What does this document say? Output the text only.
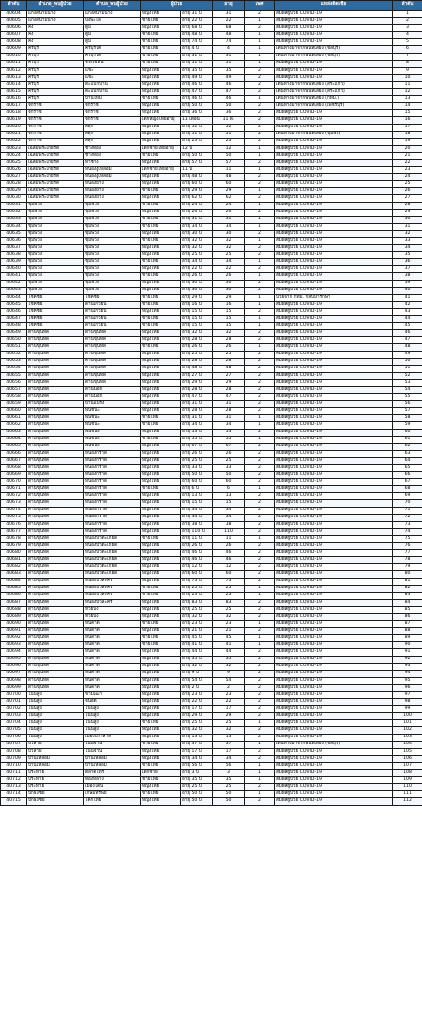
ลำดับ	อำเภอ_พบผู้ป่วย	ตำบล_พบผู้ป่วย	ผู้ป่วย		อายุ	เพศ	แหล่งติดเชื้อ	ลำดับ
40604	แก้งสนามนาง	แก้งสนามนาง	หญิงไทย	อายุ 31 ปี	31	2	สัมผัสผู้ป่วย COVID-19	1
40605	แก้งสนามนาง	บึงพะไล	ชายไทย	อายุ 22 ปี	22	1	สัมผัสผู้ป่วย COVID-19	2
40606	คง	ตูม	หญิงไทย	อายุ 68 ปี	68	2	สัมผัสผู้ป่วย COVID-19	3
40607	คง	ตูม	ชายไทย	อายุ 48 ปี	48	1	สัมผัสผู้ป่วย COVID-19	4
40608	คง	ตูม	ชายไทย	อายุ 74 ปี	74	1	สัมผัสผู้ป่วย COVID-19	5
40609	ครบุรี	ครบุรีใต้	ชายไทย	อายุ 4 ปี	4	1	เดินทางมาจากพื้นที่เสี่ยง (ชลบุรี)	6
40610	ครบุรี	ครบุรีใต้	ชายไทย	อายุ 31 ปี	31	1	เดินทางมาจากพื้นที่เสี่ยง (ชลบุรี)	7
40611	ครบุรี	จระเข้หิน	ชายไทย	อายุ 51 ปี	51	1	สัมผัสผู้ป่วย COVID-19	8
40612	ครบุรี	แชะ	หญิงไทย	อายุ 35 ปี	35	2	สัมผัสผู้ป่วย COVID-19	9
40613	ครบุรี	แชะ	หญิงไทย	อายุ 49 ปี	49	2	สัมผัสผู้ป่วย COVID-19	10
40614	ครบุรี	ตะแบกบาน	หญิงไทย	อายุ 46 ปี	46	2	เดินทางมาจากพื้นที่เสี่ยง (สระแก้ว)	11
40615	ครบุรี	ตะแบกบาน	หญิงไทย	อายุ 47 ปี	47	2	เดินทางมาจากพื้นที่เสี่ยง (สระแก้ว)	12
40616	ครบุรี	บ้านใหม่	ชายไทย	อายุ 46 ปี	46	1	เดินทางมาจากพื้นที่เสี่ยง (กทม.)	13
40617	จักราช	จักราช	หญิงไทย	อายุ 50 ปี	50	2	เดินทางมาจากพื้นที่เสี่ยง (เพชรบุรี)	14
40618	จักราช	จักราช	หญิงไทย	อายุ 36 ปี	36	2	สัมผัสผู้ป่วย COVID-19	15
40619	จักราช	จักราช	เด็กหญิงไทยอายุ	11 เดือน	11 ด.	2	สัมผัสผู้ป่วย COVID-19	16
40620	จักราช	สีสุก	หญิงไทย	อายุ 52 ปี	52	2	สัมผัสผู้ป่วย COVID-19	17
40621	จักราช	สีสุก	หญิงไทย	อายุ 51 ปี	51	2	เดินทางมาจากพื้นที่เสี่ยง (ชุมพร)	18
40622	จักราช	สีสุก	หญิงไทย	อายุ 23 ปี	23	2	สัมผัสผู้ป่วย COVID-19	19
40623	เฉลิมพระเกียรติ	ช้างทอง	เด็กชายไทยอายุ	12 ปี	12	1	สัมผัสผู้ป่วย COVID-19	20
40624	เฉลิมพระเกียรติ	ช้างทอง	ชายไทย	อายุ 50 ปี	50	1	สัมผัสผู้ป่วย COVID-19	21
40625	เฉลิมพระเกียรติ	ท่าช้าง	หญิงไทย	อายุ 57 ปี	57	2	สัมผัสผู้ป่วย COVID-19	22
40626	เฉลิมพระเกียรติ	หนองงูเหลือม	เด็กชายไทยอายุ	11 ปี	11	1	สัมผัสผู้ป่วย COVID-19	23
40627	เฉลิมพระเกียรติ	หนองงูเหลือม	หญิงไทย	อายุ 48 ปี	48	2	สัมผัสผู้ป่วย COVID-19	24
40628	เฉลิมพระเกียรติ	หนองยาง	หญิงไทย	อายุ 60 ปี	60	2	สัมผัสผู้ป่วย COVID-19	25
40629	เฉลิมพระเกียรติ	หนองยาง	ชายไทย	อายุ 29 ปี	29	1	สัมผัสผู้ป่วย COVID-19	26
40630	เฉลิมพระเกียรติ	หนองยาง	หญิงไทย	อายุ 62 ปี	62	2	สัมผัสผู้ป่วย COVID-19	27
40631	ชุมพวง	ชุมพวง	ชายไทย	อายุ 24 ปี	24	1	สัมผัสผู้ป่วย COVID-19	28
40632	ชุมพวง	ชุมพวง	หญิงไทย	อายุ 26 ปี	26	2	สัมผัสผู้ป่วย COVID-19	29
40633	ชุมพวง	ชุมพวง	ชายไทย	อายุ 31 ปี	31	1	สัมผัสผู้ป่วย COVID-19	30
40634	ชุมพวง	ชุมพวง	ชายไทย	อายุ 34 ปี	34	1	สัมผัสผู้ป่วย COVID-19	31
40635	ชุมพวง	ชุมพวง	หญิงไทย	อายุ 30 ปี	30	2	สัมผัสผู้ป่วย COVID-19	32
40636	ชุมพวง	ชุมพวง	ชายไทย	อายุ 32 ปี	32	1	สัมผัสผู้ป่วย COVID-19	33
40637	ชุมพวง	ชุมพวง	หญิงไทย	อายุ 32 ปี	32	2	สัมผัสผู้ป่วย COVID-19	34
40638	ชุมพวง	ชุมพวง	หญิงไทย	อายุ 25 ปี	25	2	สัมผัสผู้ป่วย COVID-19	35
40639	ชุมพวง	ชุมพวง	ชายไทย	อายุ 34 ปี	34	1	สัมผัสผู้ป่วย COVID-19	36
40640	ชุมพวง	ชุมพวง	หญิงไทย	อายุ 22 ปี	22	2	สัมผัสผู้ป่วย COVID-19	37
40641	ชุมพวง	ชุมพวง	ชายไทย	อายุ 26 ปี	26	1	สัมผัสผู้ป่วย COVID-19	38
40642	ชุมพวง	ชุมพวง	หญิงไทย	อายุ 30 ปี	30	2	สัมผัสผู้ป่วย COVID-19	39
40643	ชุมพวง	ชุมพวง	หญิงไทย	อายุ 30 ปี	30	2	สัมผัสผู้ป่วย COVID-19	40
40644	โชคชัย	โชคชัย	ชายไทย	อายุ 29 ปี	29	1	ป่วยจาก กทม. กลับมารักษา	41
40645	โชคชัย	ด่านเกวียน	ชายไทย	อายุ 16 ปี	16	1	สัมผัสผู้ป่วย COVID-19	42
40646	โชคชัย	ด่านเกวียน	หญิงไทย	อายุ 15 ปี	15	2	สัมผัสผู้ป่วย COVID-19	43
40647	โชคชัย	ด่านเกวียน	ชายไทย	อายุ 15 ปี	15	1	สัมผัสผู้ป่วย COVID-19	44
40648	โชคชัย	ด่านเกวียน	ชายไทย	อายุ 15 ปี	15	1	สัมผัสผู้ป่วย COVID-19	45
40649	ด่านขุนทด	ด่านขุนทด	หญิงไทย	อายุ 32 ปี	32	2	สัมผัสผู้ป่วย COVID-19	46
40650	ด่านขุนทด	ด่านขุนทด	หญิงไทย	อายุ 28 ปี	28	2	สัมผัสผู้ป่วย COVID-19	47
40651	ด่านขุนทด	ด่านขุนทด	ชายไทย	อายุ 26 ปี	26	1	สัมผัสผู้ป่วย COVID-19	48
40652	ด่านขุนทด	ด่านขุนทด	หญิงไทย	อายุ 25 ปี	25	2	สัมผัสผู้ป่วย COVID-19	49
40653	ด่านขุนทด	ด่านขุนทด	หญิงไทย	อายุ 28 ปี	28	2	สัมผัสผู้ป่วย COVID-19	50
40654	ด่านขุนทด	ด่านขุนทด	หญิงไทย	อายุ 48 ปี	48	2	สัมผัสผู้ป่วย COVID-19	51
40655	ด่านขุนทด	ด่านขุนทด	หญิงไทย	อายุ 27 ปี	27	2	สัมผัสผู้ป่วย COVID-19	52
40656	ด่านขุนทด	ด่านขุนทด	หญิงไทย	อายุ 29 ปี	29	2	สัมผัสผู้ป่วย COVID-19	53
40657	ด่านขุนทด	ด่านนอก	หญิงไทย	อายุ 28 ปี	28	2	สัมผัสผู้ป่วย COVID-19	54
40658	ด่านขุนทด	ด่านนอก	หญิงไทย	อายุ 47 ปี	47	2	สัมผัสผู้ป่วย COVID-19	55
40659	ด่านขุนทด	บ้านแปรง	หญิงไทย	อายุ 31 ปี	31	2	สัมผัสผู้ป่วย COVID-19	56
40660	ด่านขุนทด	พันชนะ	หญิงไทย	อายุ 28 ปี	28	2	สัมผัสผู้ป่วย COVID-19	57
40661	ด่านขุนทด	พันชนะ	ชายไทย	อายุ 31 ปี	31	1	สัมผัสผู้ป่วย COVID-19	58
40662	ด่านขุนทด	พันชนะ	ชายไทย	อายุ 34 ปี	34	1	สัมผัสผู้ป่วย COVID-19	59
40663	ด่านขุนทด	พันชนะ	หญิงไทย	อายุ 53 ปี	53	2	สัมผัสผู้ป่วย COVID-19	60
40664	ด่านขุนทด	พันชนะ	ชายไทย	อายุ 55 ปี	55	1	สัมผัสผู้ป่วย COVID-19	61
40665	ด่านขุนทด	พันชนะ	หญิงไทย	อายุ 67 ปี	67	2	สัมผัสผู้ป่วย COVID-19	62
40666	ด่านขุนทด	หนองกราด	หญิงไทย	อายุ 26 ปี	26	2	สัมผัสผู้ป่วย COVID-19	63
40667	ด่านขุนทด	หนองกราด	หญิงไทย	อายุ 25 ปี	25	2	สัมผัสผู้ป่วย COVID-19	64
40668	ด่านขุนทด	หนองกราด	หญิงไทย	อายุ 33 ปี	33	2	สัมผัสผู้ป่วย COVID-19	65
40669	ด่านขุนทด	หนองกราด	หญิงไทย	อายุ 50 ปี	50	2	สัมผัสผู้ป่วย COVID-19	66
40670	ด่านขุนทด	หนองกราด	หญิงไทย	อายุ 60 ปี	60	2	สัมผัสผู้ป่วย COVID-19	67
40671	ด่านขุนทด	หนองกราด	ชายไทย	อายุ 6 ปี	6	1	สัมผัสผู้ป่วย COVID-19	68
40672	ด่านขุนทด	หนองกราด	หญิงไทย	อายุ 13 ปี	13	2	สัมผัสผู้ป่วย COVID-19	69
40673	ด่านขุนทด	หนองกราด	หญิงไทย	อายุ 15 ปี	15	2	สัมผัสผู้ป่วย COVID-19	70
40674	ด่านขุนทด	หนองกราด	หญิงไทย	อายุ 34 ปี	34	2	สัมผัสผู้ป่วย COVID-19	71
40675	ด่านขุนทด	หนองกราด	หญิงไทย	อายุ 34 ปี	34	2	สัมผัสผู้ป่วย COVID-19	72
40676	ด่านขุนทด	หนองกราด	หญิงไทย	อายุ 38 ปี	38	2	สัมผัสผู้ป่วย COVID-19	73
40677	ด่านขุนทด	หนองกราด	หญิงไทย	อายุ 110 ปี	110	2	สัมผัสผู้ป่วย COVID-19	74
40678	ด่านขุนทด	หนองบัวตะเกียด	ชายไทย	อายุ 11 ปี	11	1	สัมผัสผู้ป่วย COVID-19	75
40679	ด่านขุนทด	หนองบัวตะเกียด	หญิงไทย	อายุ 26 ปี	26	2	สัมผัสผู้ป่วย COVID-19	76
40680	ด่านขุนทด	หนองบัวตะเกียด	หญิงไทย	อายุ 46 ปี	46	2	สัมผัสผู้ป่วย COVID-19	77
40681	ด่านขุนทด	หนองบัวตะเกียด	หญิงไทย	อายุ 46 ปี	46	2	สัมผัสผู้ป่วย COVID-19	78
40682	ด่านขุนทด	หนองบัวตะเกียด	หญิงไทย	อายุ 12 ปี	12	2	สัมผัสผู้ป่วย COVID-19	79
40683	ด่านขุนทด	หนองบัวตะเกียด	หญิงไทย	อายุ 60 ปี	60	2	สัมผัสผู้ป่วย COVID-19	80
40684	ด่านขุนทด	หนองบัวละคร	หญิงไทย	อายุ 73 ปี	73	2	สัมผัสผู้ป่วย COVID-19	81
40685	ด่านขุนทด	หนองบัวละคร	ชายไทย	อายุ 25 ปี	25	1	สัมผัสผู้ป่วย COVID-19	82
40686	ด่านขุนทด	หนองบัวละคร	ชายไทย	อายุ 23 ปี	23	1	สัมผัสผู้ป่วย COVID-19	83
40687	ด่านขุนทด	หนองบัวละคร	หญิงไทย	อายุ 83 ปี	83	2	สัมผัสผู้ป่วย COVID-19	84
40688	ด่านขุนทด	ห้วยบง	หญิงไทย	อายุ 25 ปี	25	2	สัมผัสผู้ป่วย COVID-19	85
40689	ด่านขุนทด	ห้วยบง	หญิงไทย	อายุ 32 ปี	32	2	สัมผัสผู้ป่วย COVID-19	86
40690	ด่านขุนทด	หินดาด	ชายไทย	อายุ 23 ปี	23	1	สัมผัสผู้ป่วย COVID-19	87
40691	ด่านขุนทด	หินดาด	หญิงไทย	อายุ 21 ปี	21	2	สัมผัสผู้ป่วย COVID-19	88
40692	ด่านขุนทด	หินดาด	ชายไทย	อายุ 45 ปี	45	1	สัมผัสผู้ป่วย COVID-19	89
40693	ด่านขุนทด	หินดาด	ชายไทย	อายุ 41 ปี	41	1	สัมผัสผู้ป่วย COVID-19	90
40694	ด่านขุนทด	หินดาด	หญิงไทย	อายุ 44 ปี	44	2	สัมผัสผู้ป่วย COVID-19	91
40695	ด่านขุนทด	หินดาด	หญิงไทย	อายุ 35 ปี	35	2	สัมผัสผู้ป่วย COVID-19	92
40696	ด่านขุนทด	หินดาด	หญิงไทย	อายุ 32 ปี	32	2	สัมผัสผู้ป่วย COVID-19	93
40697	ด่านขุนทด	หินดาด	หญิงไทย	อายุ 9 ปี	9	2	สัมผัสผู้ป่วย COVID-19	94
40698	ด่านขุนทด	หินดาด	หญิงไทย	อายุ 54 ปี	54	2	สัมผัสผู้ป่วย COVID-19	95
40699	ด่านขุนทด	หินดาด	หญิงไทย	อายุ 2 ปี	2	2	สัมผัสผู้ป่วย COVID-19	96
40700	โนนสูง	ขามเฒ่า	หญิงไทย	อายุ 23 ปี	23	2	สัมผัสผู้ป่วย COVID-19	97
40701	โนนสูง	จันอัด	หญิงไทย	อายุ 22 ปี	22	2	สัมผัสผู้ป่วย COVID-19	98
40702	โนนสูง	โนนสูง	หญิงไทย	อายุ 17 ปี	17	2	สัมผัสผู้ป่วย COVID-19	99
40703	โนนสูง	โนนสูง	หญิงไทย	อายุ 29 ปี	29	2	สัมผัสผู้ป่วย COVID-19	100
40704	โนนสูง	โนนสูง	ชายไทย	อายุ 25 ปี	25	1	สัมผัสผู้ป่วย COVID-19	101
40705	โนนสูง	โนนสูง	หญิงไทย	อายุ 32 ปี	32	2	สัมผัสผู้ป่วย COVID-19	102
40706	โนนสูง	เมืองปราสาท	หญิงไทย	อายุ 13 ปี	13	2	สัมผัสผู้ป่วย COVID-19	103
40707	บัวลาย	โนนจาน	ชายไทย	อายุ 37 ปี	37	1	เดินทางมาจากพื้นที่เสี่ยง (ชลบุรี)	104
40708	บัวลาย	โนนจาน	หญิงไทย	อายุ 17 ปี	17	2	สัมผัสผู้ป่วย COVID-19	105
40709	บ้านเหลื่อม	บ้านเหลื่อม	หญิงไทย	อายุ 34 ปี	34	2	สัมผัสผู้ป่วย COVID-19	106
40710	บ้านเหลื่อม	บ้านเหลื่อม	ชายไทย	อายุ 56 ปี	56	1	สัมผัสผู้ป่วย COVID-19	107
40711	ประทาย	ตลาดไทร	เด็กชาย	อายุ 3 ปี	3	1	สัมผัสผู้ป่วย COVID-19	108
40712	ประทาย	ทองหลาง	ชายไทย	อายุ 35 ปี	35	1	สัมผัสผู้ป่วย COVID-19	109
40713	ประทาย	เมืองโดน	หญิงไทย	อายุ 25 ปี	25	2	สัมผัสผู้ป่วย COVID-19	110
40714	ปักธงชัย	เกษมทรัพย์	ชายไทย	อายุ 50 ปี	50	1	สัมผัสผู้ป่วย COVID-19	111
40715	ปักธงชัย	โคกไทย	หญิงไทย	อายุ 50 ปี	50	2	สัมผัสผู้ป่วย COVID-19	112
